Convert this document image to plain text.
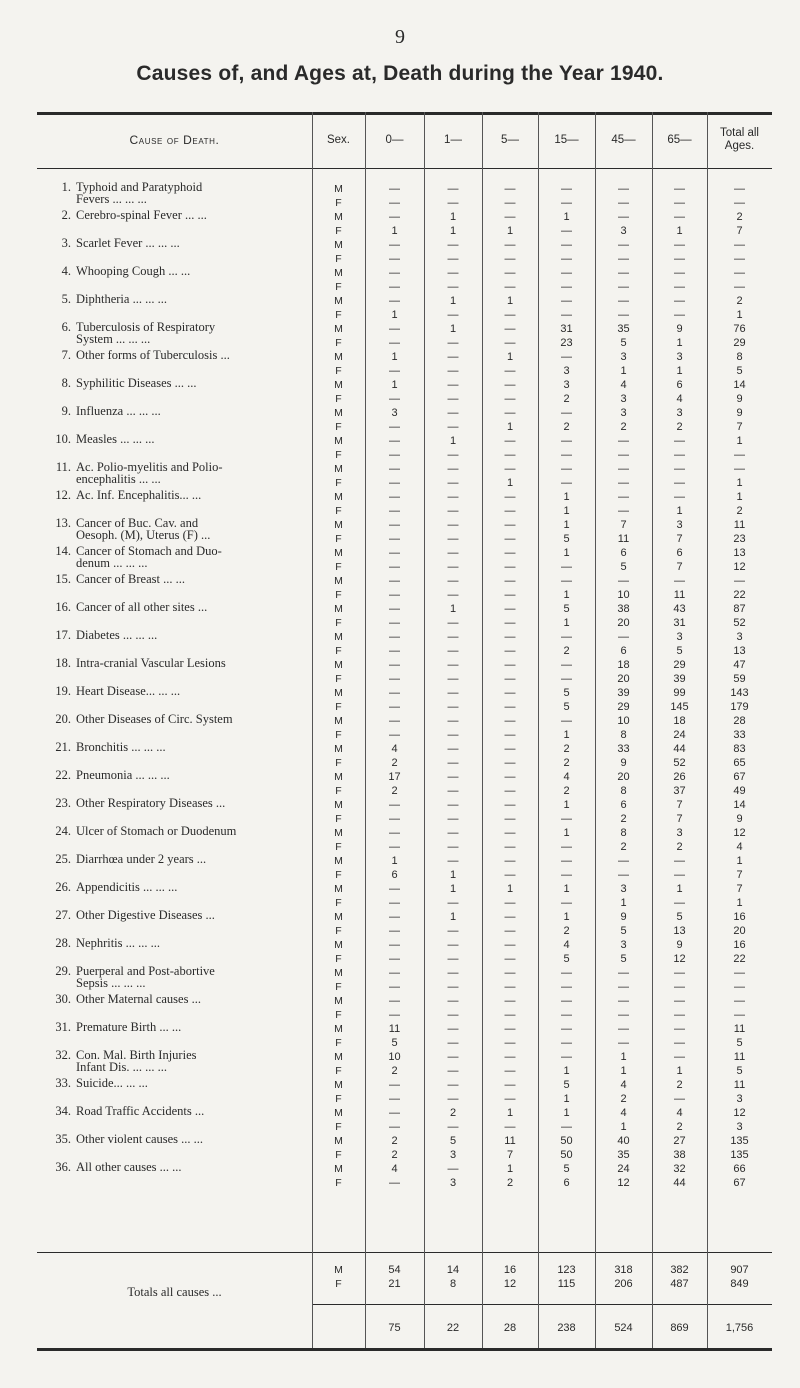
9
Causes of, and Ages at, Death during the Year 1940.
Totals all causes ...
Cause of Death.	Sex.	0—	1—	5—	15—	45—	65—
Total all Ages.
1. Typhoid and Paratyphoid
Fevers ... ... ...
M	—	—	—	—	—	—	—
F	—	—	—	—	—	—	—
2. Cerebro-spinal Fever ... ...	M	—	1	—	1	—	—	2
F	1	1	1	—	3	1	7
3. Scarlet Fever ... ... ...	M	—	—	—	—	—	—	—
F	—	—	—	—	—	—	—
4. Whooping Cough ... ...	M	—	—	—	—	—	—	—
F	—	—	—	—	—	—	—
5. Diphtheria ... ... ...	M	—	1	1	—	—	—	2
F	1	—	—	—	—	—	1
6. Tuberculosis of Respiratory
System ... ... ...
M	—	1	—	31	35	9	76
F	—	—	—	23	5	1	29
7. Other forms of Tuberculosis ...	M	1	—	1	—	3	3	8
F	—	—	—	3	1	1	5
8. Syphilitic Diseases ... ...	M	1	—	—	3	4	6	14
F	—	—	—	2	3	4	9
9. Influenza ... ... ...	M	3	—	—	—	3	3	9
F	—	—	1	2	2	2	7
10. Measles ... ... ...	M	—	1	—	—	—	—	1
F	—	—	—	—	—	—	—
11. Ac. Polio-myelitis and Polio-
encephalitis ... ...
M	—	—	—	—	—	—	—
F	—	—	1	—	—	—	1
12. Ac. Inf. Encephalitis... ...	M	—	—	—	1	—	—	1
F	—	—	—	1	—	1	2
13. Cancer of Buc. Cav. and
Oesoph. (M), Uterus (F) ...
M	—	—	—	1	7	3	11
F	—	—	—	5	11	7	23
14. Cancer of Stomach and Duo-
denum ... ... ...
M	—	—	—	1	6	6	13
F	—	—	—	—	5	7	12
15. Cancer of Breast ... ...	M	—	—	—	—	—	—	—
F	—	—	—	1	10	11	22
16. Cancer of all other sites ...	M	—	1	—	5	38	43	87
F	—	—	—	1	20	31	52
17. Diabetes ... ... ...	M	—	—	—	—	—	3	3
F	—	—	—	2	6	5	13
18. Intra-cranial Vascular Lesions	M	—	—	—	—	18	29	47
F	—	—	—	—	20	39	59
19. Heart Disease... ... ...	M	—	—	—	5	39	99	143
F	—	—	—	5	29	145	179
20. Other Diseases of Circ. System	M	—	—	—	—	10	18	28
F	—	—	—	1	8	24	33
21. Bronchitis ... ... ...	M	4	—	—	2	33	44	83
F	2	—	—	2	9	52	65
22. Pneumonia ... ... ...	M	17	—	—	4	20	26	67
F	2	—	—	2	8	37	49
23. Other Respiratory Diseases ...	M	—	—	—	1	6	7	14
F	—	—	—	—	2	7	9
24. Ulcer of Stomach or Duodenum	M	—	—	—	1	8	3	12
F	—	—	—	—	2	2	4
25. Diarrhœa under 2 years ...	M	1	—	—	—	—	—	1
F	6	1	—	—	—	—	7
26. Appendicitis ... ... ...	M	—	1	1	1	3	1	7
F	—	—	—	—	1	—	1
27. Other Digestive Diseases ...	M	—	1	—	1	9	5	16
F	—	—	—	2	5	13	20
28. Nephritis ... ... ...	M	—	—	—	4	3	9	16
F	—	—	—	5	5	12	22
29. Puerperal and Post-abortive
Sepsis ... ... ...
M	—	—	—	—	—	—	—
F	—	—	—	—	—	—	—
30. Other Maternal causes ...	M	—	—	—	—	—	—	—
F	—	—	—	—	—	—	—
31. Premature Birth ... ...	M	11	—	—	—	—	—	11
F	5	—	—	—	—	—	5
32. Con. Mal. Birth Injuries
Infant Dis. ... ... ...
M	10	—	—	—	1	—	11
F	2	—	—	1	1	1	5
33. Suicide... ... ...	M	—	—	—	5	4	2	11
F	—	—	—	1	2	—	3
34. Road Traffic Accidents ...	M	—	2	1	1	4	4	12
F	—	—	—	—	1	2	3
35. Other violent causes ... ...	M	2	5	11	50	40	27	135
F	2	3	7	50	35	38	135
36. All other causes ... ...	M	4	—	1	5	24	32	66
F	—	3	2	6	12	44	67
M	54	14	16	123	318	382	907
F	21	8	12	115	206	487	849
75	22	28	238	524	869	1,756
